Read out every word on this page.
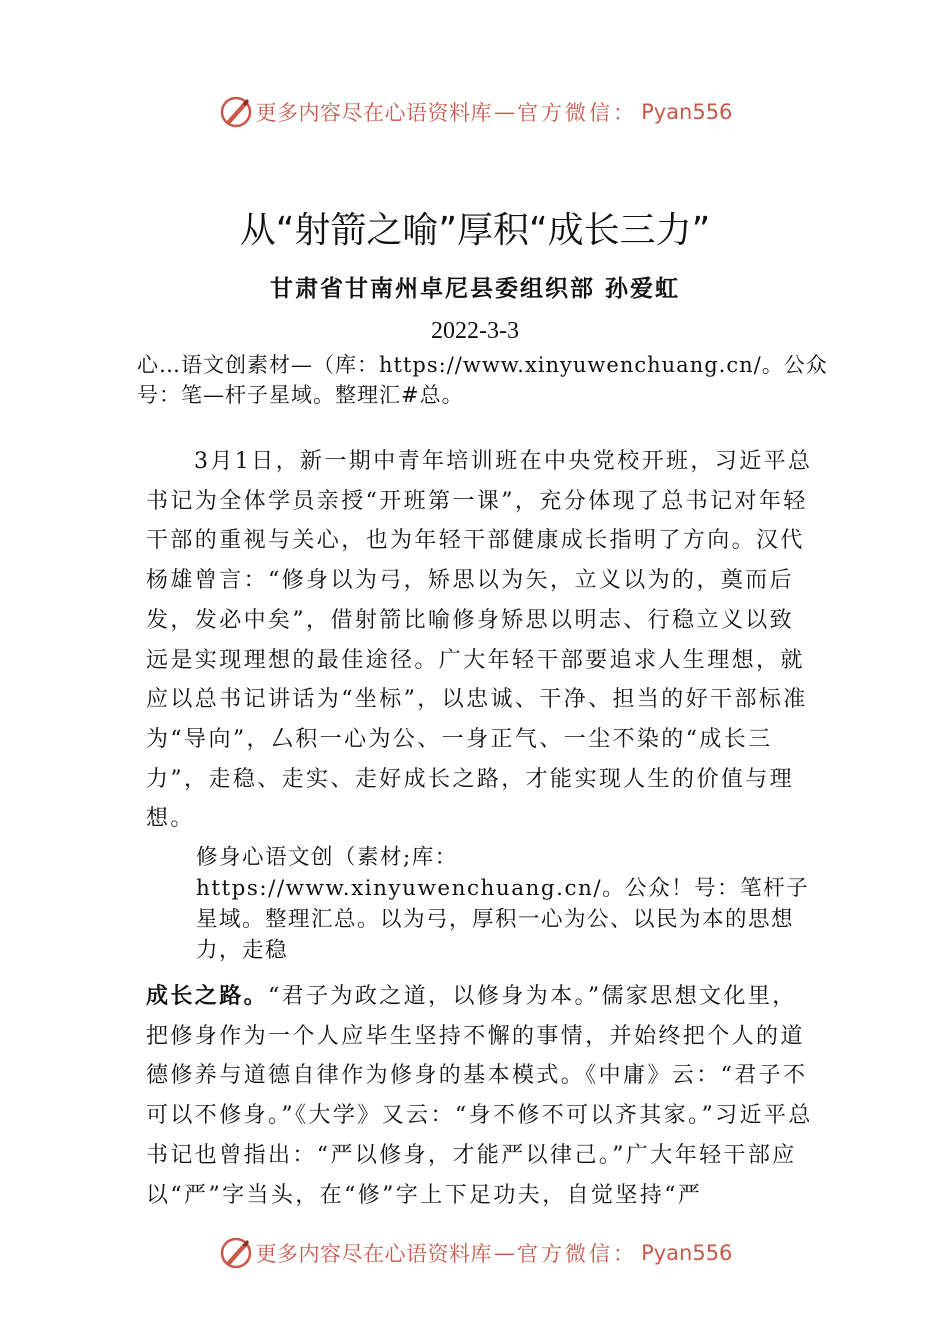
更多内容尽在心语资料库 — 官方微信： Pyan556
从“射箭之喻”厚积“成长三力”
甘肃省甘南州卓尼县委组织部 孙爱虹
2022-3-3

心…语文创素材—（库：https://www.xinyuwenchuang.cn/。公众号：笔—杆子星域。整理汇#总。

3月1日，新一期中青年培训班在中央党校开班，习近平总书记为全体学员亲授“开班第一课”，充分体现了总书记对年轻干部的重视与关心，也为年轻干部健康成长指明了方向。汉代杨雄曾言：“修身以为弓，矫思以为矢，立义以为的，奠而后发，发必中矣”，借射箭比喻修身矫思以明志、行稳立义以致远是实现理想的最佳途径。广大年轻干部要追求人生理想，就应以总书记讲话为“坐标”，以忠诚、干净、担当的好干部标准为“导向”，厶积一心为公、一身正气、一尘不染的“成长三力”，走稳、走实、走好成长之路，才能实现人生的价值与理想。

修身心语文创（素材;库：https://www.xinyuwenchuang.cn/。公众！号：笔杆子星域。整理汇总。以为弓，厚积一心为公、以民为本的思想力，走稳

成长之路。“君子为政之道，以修身为本。”儒家思想文化里，把修身作为一个人应毕生坚持不懈的事情，并始终把个人的道德修养与道德自律作为修身的基本模式。《中庸》云：“君子不可以不修身。”《大学》又云：“身不修不可以齐其家。”习近平总书记也曾指出：“严以修身，才能严以律己。”广大年轻干部应以“严”字当头，在“修”字上下足功夫，自觉坚持“严

更多内容尽在心语资料库 — 官方微信： Pyan556
